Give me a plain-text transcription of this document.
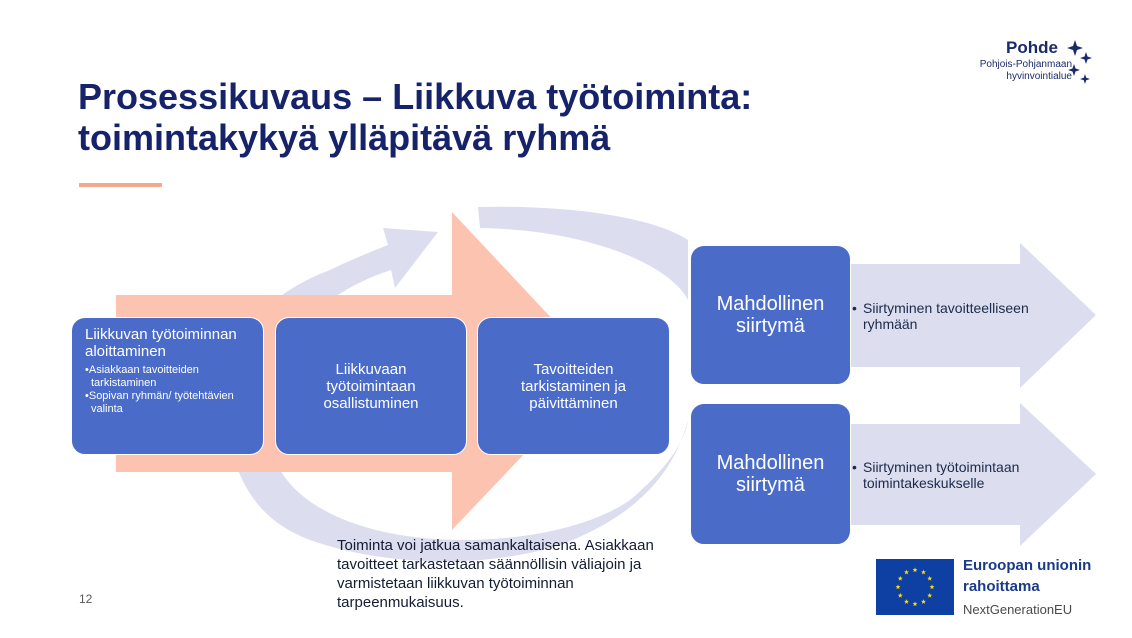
Pohde
Pohjois-Pohjanmaan
hyvinvointialue
Prosessikuvaus – Liikkuva työtoiminta:
toimintakykyä ylläpitävä ryhmä
Liikkuvan työtoiminnan aloittaminen
•Asiakkaan tavoitteiden tarkistaminen
•Sopivan ryhmän/ työtehtävien valinta
Liikkuvaan työtoimintaan osallistuminen
Tavoitteiden tarkistaminen ja päivittäminen
Mahdollinen siirtymä
Mahdollinen siirtymä
• Siirtyminen tavoitteelliseen ryhmään
• Siirtyminen työtoimintaan toimintakeskukselle
Toiminta voi jatkua samankaltaisena. Asiakkaan tavoitteet tarkastetaan säännöllisin väliajoin ja varmistetaan liikkuvan työtoiminnan tarpeenmukaisuus.
12
Euroopan unionin
rahoittama
NextGenerationEU
